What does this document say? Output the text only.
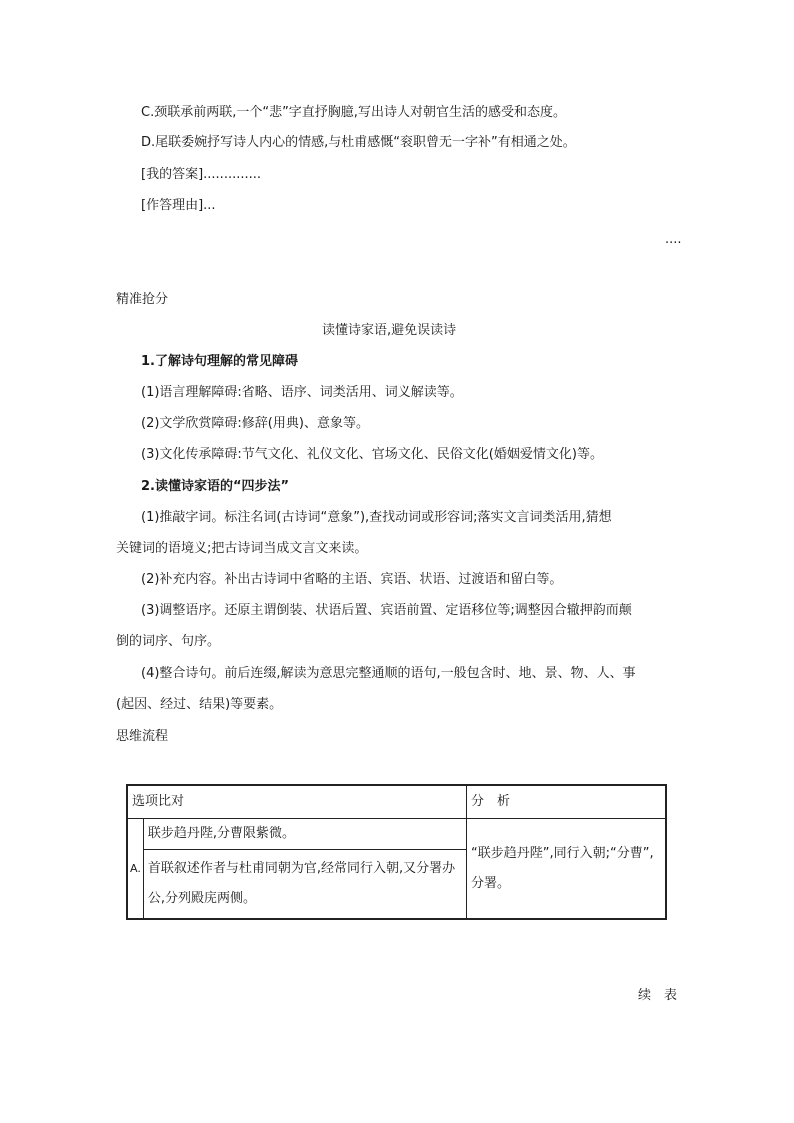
C.颈联承前两联,一个“悲”字直抒胸臆,写出诗人对朝官生活的感受和态度。
D.尾联委婉抒写诗人内心的情感,与杜甫感慨“衮职曾无一字补”有相通之处。
[我的答案]..............
[作答理由]...
....
精准抢分
读懂诗家语,避免误读诗
1.了解诗句理解的常见障碍
(1)语言理解障碍:省略、语序、词类活用、词义解读等。
(2)文学欣赏障碍:修辞(用典)、意象等。
(3)文化传承障碍:节气文化、礼仪文化、官场文化、民俗文化(婚姻爱情文化)等。
2.读懂诗家语的“四步法”
(1)推敲字词。标注名词(古诗词“意象”),查找动词或形容词;落实文言词类活用,猜想
关键词的语境义;把古诗词当成文言文来读。
(2)补充内容。补出古诗词中省略的主语、宾语、状语、过渡语和留白等。
(3)调整语序。还原主谓倒装、状语后置、宾语前置、定语移位等;调整因合辙押韵而颠
倒的词序、句序。
(4)整合诗句。前后连缀,解读为意思完整通顺的语句,一般包含时、地、景、物、人、事
(起因、经过、结果)等要素。
思维流程
选项比对		分　析
A.	联步趋丹陛,分曹限紫微。	“联步趋丹陛”,同行入朝;“分曹”,分署。
	首联叙述作者与杜甫同朝为官,经常同行入朝,又分署办公,分列殿庑两侧。	
续　表
